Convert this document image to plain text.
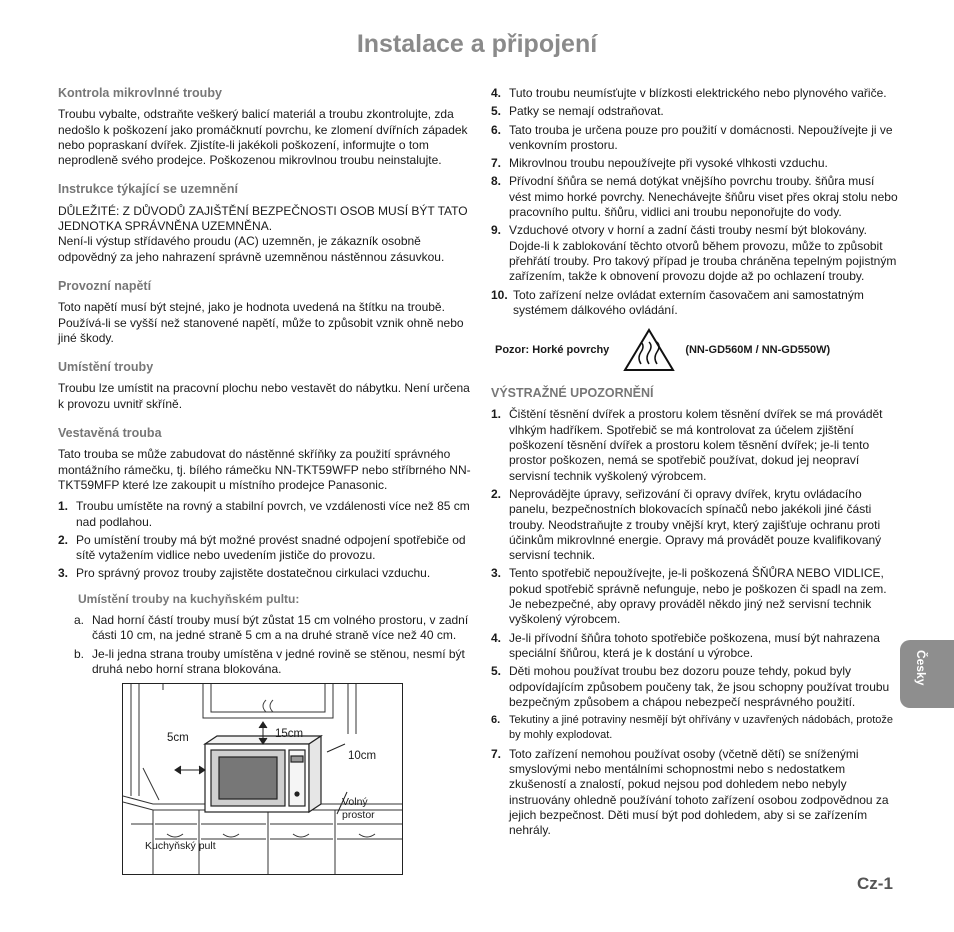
Instalace a připojení
Kontrola mikrovlnné trouby

Troubu vybalte, odstraňte veškerý balicí materiál a troubu zkontrolujte, zda nedošlo k poškození jako promáčknutí povrchu, ke zlomení dvířních západek nebo popraskaní dvířek. Zjistíte-li jakékoli poškození, informujte o tom neprodleně svého prodejce. Poškozenou mikrovlnou troubu neinstalujte.

Instrukce týkající se uzemnění

DŮLEŽITÉ: Z DŮVODŮ ZAJIŠTĚNÍ BEZPEČNOSTI OSOB MUSÍ BÝT TATO JEDNOTKA SPRÁVNĚNA UZEMNĚNA.

Není-li výstup střídavého proudu (AC) uzemněn, je zákazník osobně odpovědný za jeho nahrazení správně uzemněnou nástěnnou zásuvkou.

Provozní napětí

Toto napětí musí být stejné, jako je hodnota uvedená na štítku na troubě. Používá-li se vyšší než stanovené napětí, může to způsobit vznik ohně nebo jiné škody.

Umístění trouby

Troubu lze umístit na pracovní plochu nebo vestavět do nábytku. Není určena k provozu uvnitř skříně.

Vestavěná trouba

Tato trouba se může zabudovat do nástěnné skříňky za použití správného montážního rámečku, tj. bílého rámečku NN-TKT59WFP nebo stříbrného NN-TKT59MFP které lze zakoupit u místního prodejce Panasonic.

1. Troubu umístěte na rovný a stabilní povrch, ve vzdálenosti více než 85 cm nad podlahou.
2. Po umístění trouby má být možné provést snadné odpojení spotřebiče od sítě vytažením vidlice nebo uvedením jističe do provozu.
3. Pro správný provoz trouby zajistěte dostatečnou cirkulaci vzduchu.
Umístění trouby na kuchyňském pultu:
a. Nad horní částí trouby musí být zůstat 15 cm volného prostoru, v zadní části 10 cm, na jedné straně 5 cm a na druhé straně více než 40 cm.
b. Je-li jedna strana trouby umístěna v jedné rovině se stěnou, nesmí být druhá nebo horní strana blokována.
5cm	15cm
10cm
Volný
prostor
Kuchyňský pult
4. Tuto troubu neumísťujte v blízkosti elektrického nebo plynového vařiče.
5. Patky se nemají odstraňovat.
6. Tato trouba je určena pouze pro použití v domácnosti. Nepoužívejte ji ve venkovním prostoru.
7. Mikrovlnou troubu nepoužívejte při vysoké vlhkosti vzduchu.
8. Přívodní šňůra se nemá dotýkat vnějšího povrchu trouby. šňůra musí vést mimo horké povrchy. Nenechávejte šňůru viset přes okraj stolu nebo pracovního pultu. šňůru, vidlici ani troubu neponořujte do vody.
9. Vzduchové otvory v horní a zadní části trouby nesmí být blokovány. Dojde-li k zablokování těchto otvorů během provozu, může to způsobit přehřátí trouby. Pro takový případ je trouba chráněna tepelným pojistným zařízením, takže k obnovení provozu dojde až po ochlazení trouby.
10. Toto zařízení nelze ovládat externím časovačem ani samostatným systémem dálkového ovládání.
Pozor: Horké povrchy	(NN-GD560M / NN-GD550W)
VÝSTRAŽNÉ UPOZORNĚNÍ
1. Čištění těsnění dvířek a prostoru kolem těsnění dvířek se má provádět vlhkým hadříkem. Spotřebič se má kontrolovat za účelem zjištění poškození těsnění dvířek a prostoru kolem těsnění dvířek; je-li tento prostor poškozen, nemá se spotřebič používat, dokud jej neopraví servisní technik vyškolený výrobcem.
2. Neprovádějte úpravy, seřizování či opravy dvířek, krytu ovládacího panelu, bezpečnostních blokovacích spínačů nebo jakékoli jiné části trouby. Neodstraňujte z trouby vnější kryt, který zajišťuje ochranu proti účinkům mikrovlnné energie. Opravy má provádět pouze kvalifikovaný servisní technik.
3. Tento spotřebič nepoužívejte, je-li poškozená ŠŇŮRA NEBO VIDLICE, pokud spotřebič správně nefunguje, nebo je poškozen či spadl na zem. Je nebezpečné, aby opravy prováděl někdo jiný než servisní technik vyškolený výrobcem.
4. Je-li přívodní šňůra tohoto spotřebiče poškozena, musí být nahrazena speciální šňůrou, která je k dostání u výrobce.
5. Děti mohou používat troubu bez dozoru pouze tehdy, pokud byly odpovídajícím způsobem poučeny tak, že jsou schopny používat troubu bezpečným způsobem a chápou nebezpečí nesprávného použití.
6. Tekutiny a jiné potraviny nesmějí být ohřívány v uzavřených nádobách, protože by mohly explodovat.
7. Toto zařízení nemohou používat osoby (včetně dětí) se sníženými smyslovými nebo mentálními schopnostmi nebo s nedostatkem zkušeností a znalostí, pokud nejsou pod dohledem nebo nebyly instruovány ohledně používání tohoto zařízení osobou zodpovědnou za jejich bezpečnost. Děti musí být pod dohledem, aby si se zařízením nehrály.
Česky
Cz-1
